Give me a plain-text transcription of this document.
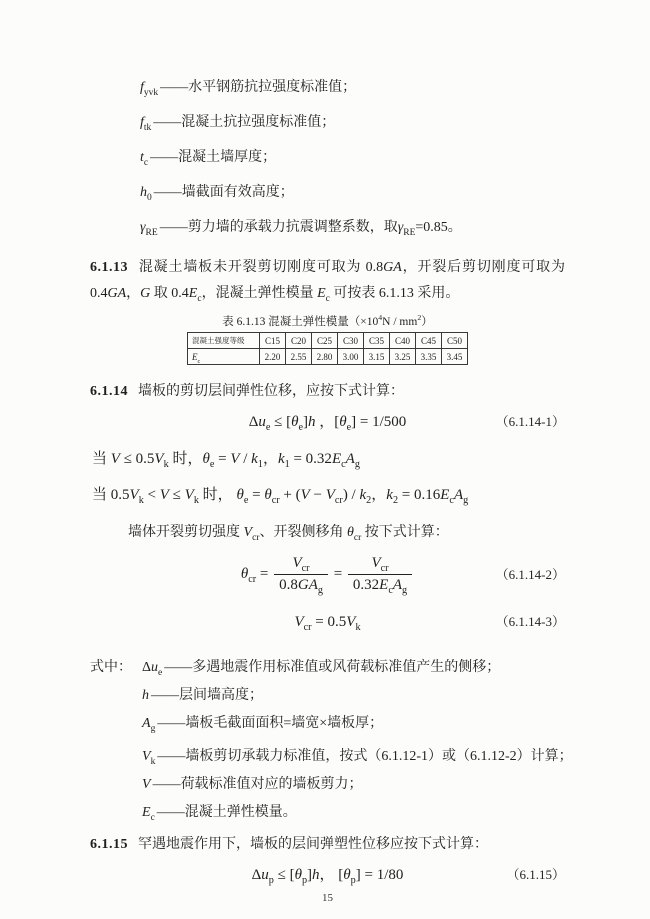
$f_{yvk}$ ——水平钢筋抗拉强度标准值；
$f_{tk}$ ——混凝土抗拉强度标准值；
$t_c$ ——混凝土墙厚度；
$h_0$ ——墙截面有效高度；
$\gamma_{RE}$ ——剪力墙的承载力抗震调整系数，取$\gamma_{RE}=0.85$。

6.1.13 混凝土墙板未开裂剪切刚度可取为 0.8GA，开裂后剪切刚度可取为 0.4GA，G 取 $0.4E_c$，混凝土弹性模量 $E_c$ 可按表 6.1.13 采用。

表 6.1.13 混凝土弹性模量$(\times 10^4N / mm^2)$
混凝土强度等级	C15	C20	C25	C30	C35	C40	C45	C50
$E_c$	2.20	2.55	2.80	3.00	3.15	3.25	3.35	3.45

6.1.14 墙板的剪切层间弹性位移，应按下式计算：

$\Delta u_e \le [\theta_e]h$ ，$[\theta_e] = 1/500$	（6.1.14-1）
当 $V \le 0.5V_k$ 时，$\theta_e = V / k_1$，$k_1 = 0.32E_cA_g$
当 $0.5V_k < V \le V_k$ 时， $\theta_e = \theta_{cr} + (V - V_{cr}) / k_2$，$k_2 = 0.16E_cA_g$
墙体开裂剪切强度 $V_{cr}$、开裂侧移角 $\theta_{cr}$ 按下式计算：
$\theta_{cr} = \frac{V_{cr}}{0.8GA_g} = \frac{V_{cr}}{0.32E_cA_g}$	（6.1.14-2）
$V_{cr} = 0.5V_k$	（6.1.14-3）
式中： $\Delta u_e$ ——多遇地震作用标准值或风荷载标准值产生的侧移；
h ——层间墙高度；
$A_g$ ——墙板毛截面面积=墙宽×墙板厚；
$V_k$ ——墙板剪切承载力标准值，按式（6.1.12-1）或（6.1.12-2）计算；
V ——荷载标准值对应的墙板剪力；
$E_c$ ——混凝土弹性模量。

6.1.15 罕遇地震作用下，墙板的层间弹塑性位移应按下式计算：

$\Delta u_p \le [\theta_p]h$， $[\theta_p] = 1/80$	（6.1.15）
15
